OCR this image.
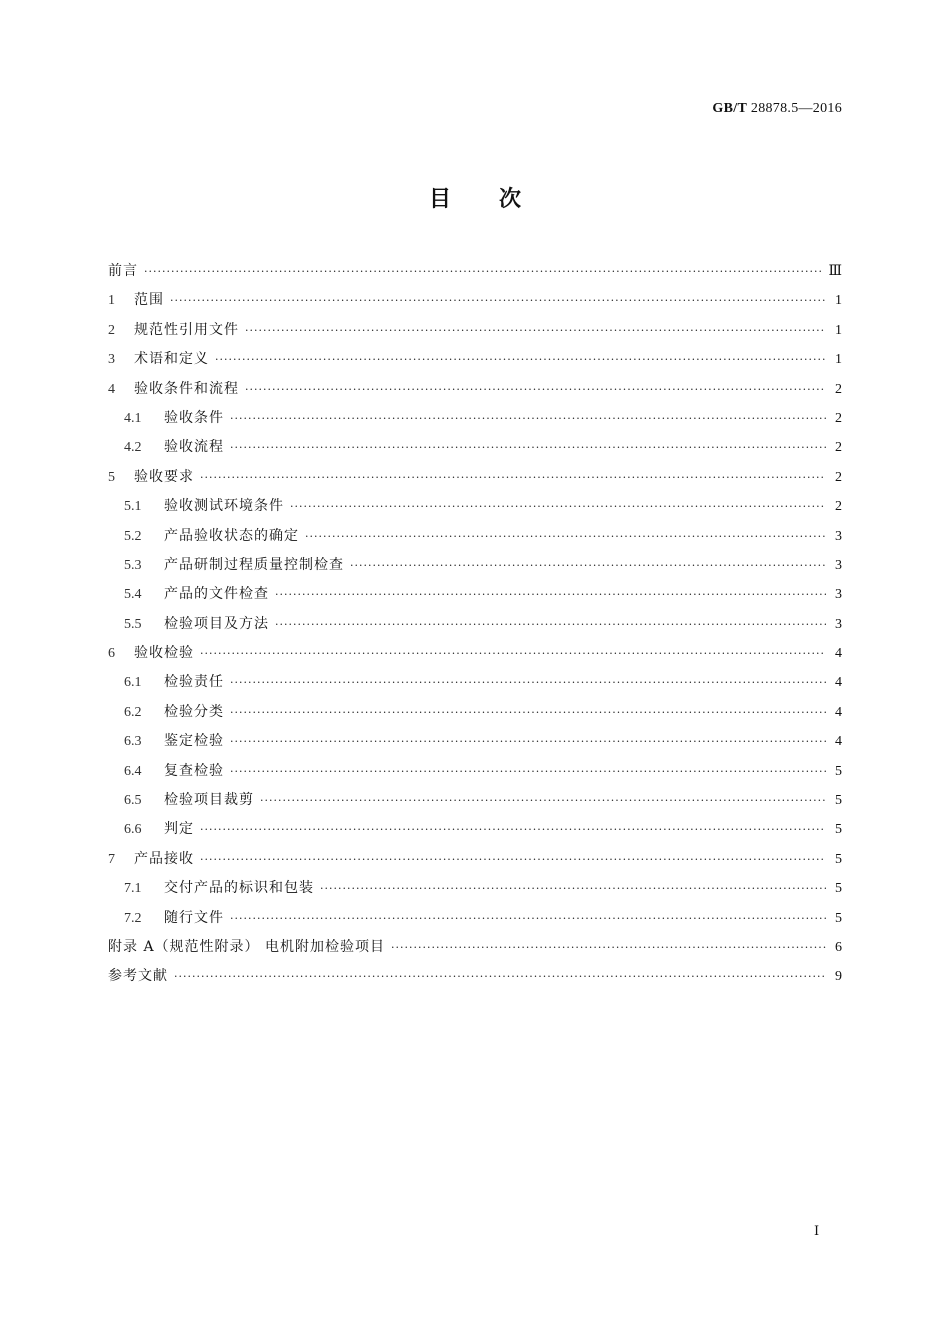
GB/T 28878.5—2016
目次
前言 ·····	Ⅲ
1	范围 ·····	1
2	规范性引用文件 ·····	1
3	术语和定义 ·····	1
4	验收条件和流程 ·····	2
4.1	验收条件 ·····	2
4.2	验收流程 ·····	2
5	验收要求 ·····	2
5.1	验收测试环境条件 ·····	2
5.2	产品验收状态的确定 ·····	3
5.3	产品研制过程质量控制检查 ·····	3
5.4	产品的文件检查 ·····	3
5.5	检验项目及方法 ·····	3
6	验收检验 ·····	4
6.1	检验责任 ·····	4
6.2	检验分类 ·····	4
6.3	鉴定检验 ·····	4
6.4	复查检验 ·····	5
6.5	检验项目裁剪 ·····	5
6.6	判定 ·····	5
7	产品接收 ·····	5
7.1	交付产品的标识和包装 ·····	5
7.2	随行文件 ·····	5
附录 A（规范性附录） 电机附加检验项目 ·····	6
参考文献 ·····	9
Ⅰ
